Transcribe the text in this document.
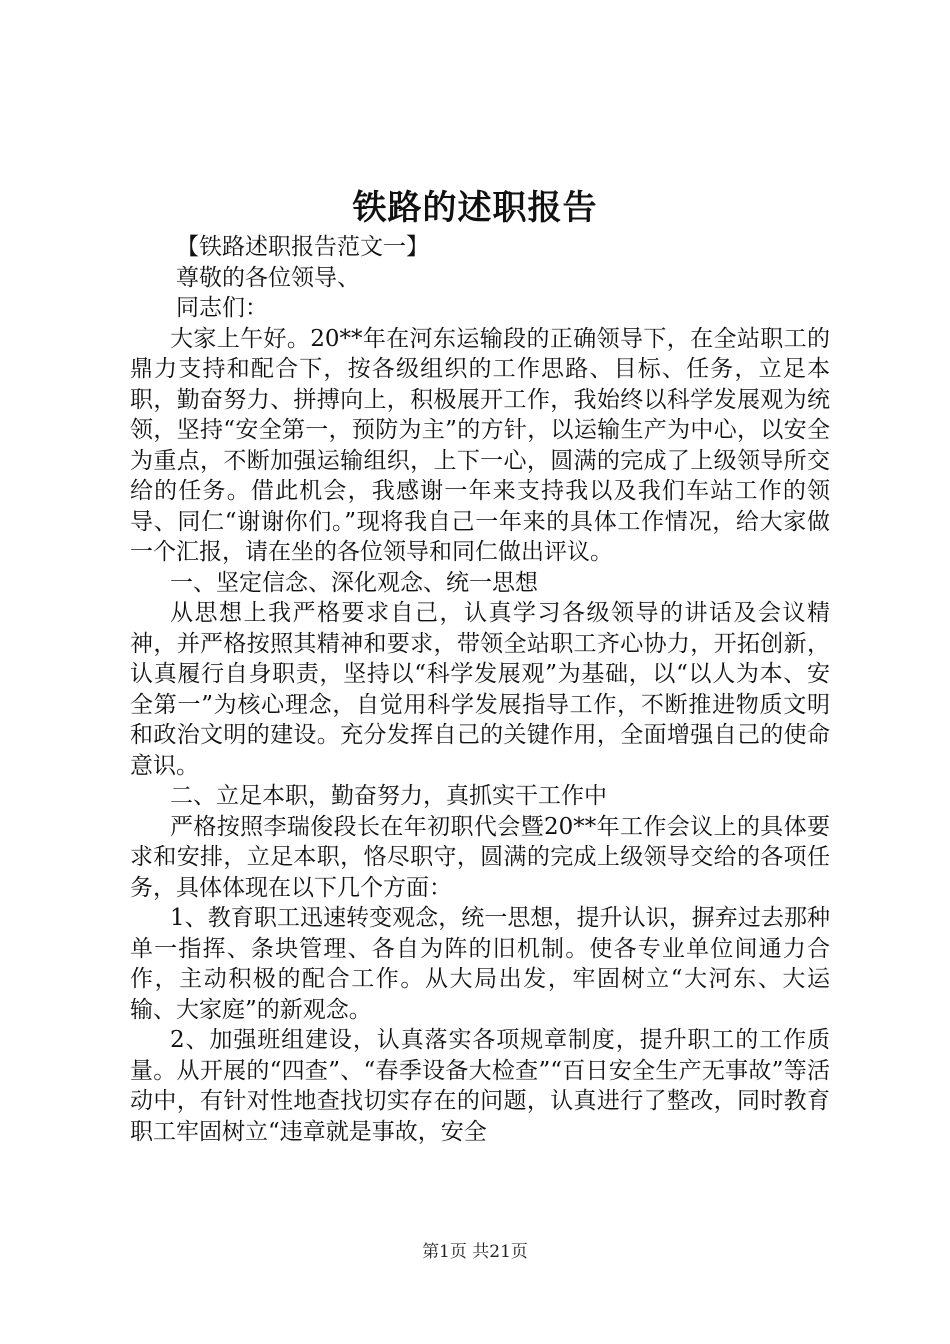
铁路的述职报告

【铁路述职报告范文一】

尊敬的各位领导、

同志们：

大家上午好。20**年在河东运输段的正确领导下，在全站职工的鼎力支持和配合下，按各级组织的工作思路、目标、任务，立足本职，勤奋努力、拼搏向上，积极展开工作，我始终以科学发展观为统领，坚持“安全第一，预防为主”的方针，以运输生产为中心，以安全为重点，不断加强运输组织，上下一心，圆满的完成了上级领导所交给的任务。借此机会，我感谢一年来支持我以及我们车站工作的领导、同仁“谢谢你们。”现将我自己一年来的具体工作情况，给大家做一个汇报，请在坐的各位领导和同仁做出评议。

一、坚定信念、深化观念、统一思想

从思想上我严格要求自己，认真学习各级领导的讲话及会议精神，并严格按照其精神和要求，带领全站职工齐心协力，开拓创新，认真履行自身职责，坚持以“科学发展观”为基础，以“以人为本、安全第一”为核心理念，自觉用科学发展指导工作，不断推进物质文明和政治文明的建设。充分发挥自己的关键作用，全面增强自己的使命意识。

二、立足本职，勤奋努力，真抓实干工作中

严格按照李瑞俊段长在年初职代会暨20**年工作会议上的具体要求和安排，立足本职，恪尽职守，圆满的完成上级领导交给的各项任务，具体体现在以下几个方面：

1、教育职工迅速转变观念，统一思想，提升认识，摒弃过去那种单一指挥、条块管理、各自为阵的旧机制。使各专业单位间通力合作，主动积极的配合工作。从大局出发，牢固树立“大河东、大运输、大家庭”的新观念。

2、加强班组建设，认真落实各项规章制度，提升职工的工作质量。从开展的“四查”、“春季设备大检查”“百日安全生产无事故”等活动中，有针对性地查找切实存在的问题，认真进行了整改，同时教育职工牢固树立“违章就是事故，安全

第1页 共21页
